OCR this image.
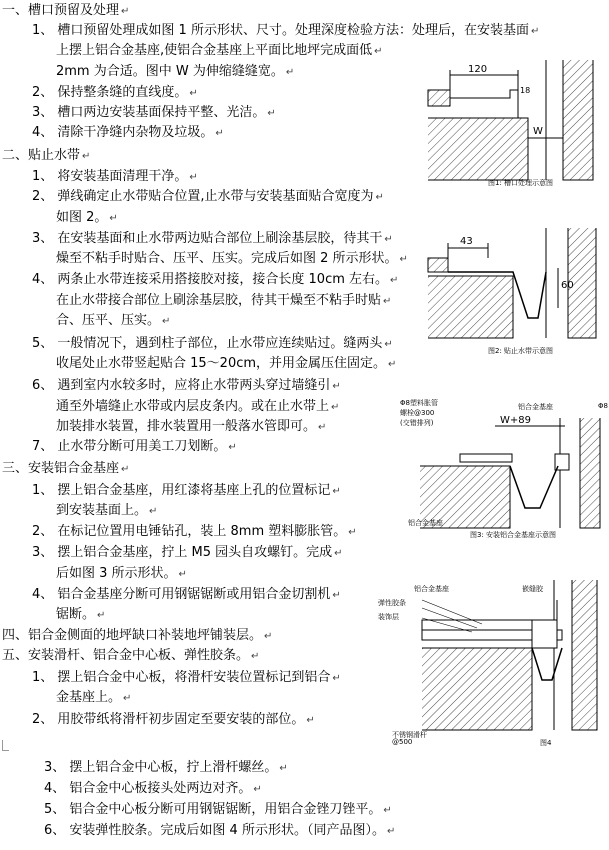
一、槽口预留及处理 ↵
1、 槽口预留处理成如图 1 所示形状、尺寸。处理深度检验方法：处理后，在安装基面 ↵
上摆上铝合金基座,使铝合金基座上平面比地坪完成面低 ↵
2mm 为合适。图中 W 为伸缩缝缝宽。 ↵
2、 保持整条缝的直线度。 ↵
3、 槽口两边安装基面保持平整、光洁。 ↵
4、 清除干净缝内杂物及垃圾。 ↵
二、贴止水带 ↵
1、 将安装基面清理干净。 ↵
2、 弹线确定止水带贴合位置,止水带与安装基面贴合宽度为 ↵
如图 2。 ↵
3、 在安装基面和止水带两边贴合部位上刷涂基层胶，待其干 ↵
燥至不粘手时贴合、压平、压实。完成后如图 2 所示形状。 ↵
4、 两条止水带连接采用搭接胶对接，接合长度 10cm 左右。 ↵
在止水带接合部位上刷涂基层胶，待其干燥至不粘手时贴 ↵
合、压平、压实。 ↵
5、 一般情况下，遇到柱子部位，止水带应连续贴过。缝两头 ↵
收尾处止水带竖起贴合 15～20cm，并用金属压住固定。 ↵
6、 遇到室内水较多时，应将止水带两头穿过墙缝引 ↵
通至外墙缝止水带或内层皮条内。或在止水带上 ↵
加装排水装置，排水装置用一般落水管即可。 ↵
7、 止水带分断可用美工刀划断。 ↵
三、安装铝合金基座 ↵
1、 摆上铝合金基座，用红漆将基座上孔的位置标记 ↵
到安装基面上。 ↵
2、 在标记位置用电锤钻孔，装上 8mm 塑料膨胀管。 ↵
3、 摆上铝合金基座，拧上 M5 园头自攻螺钉。完成 ↵
后如图 3 所示形状。 ↵
4、 铝合金基座分断可用钢锯锯断或用铝合金切割机 ↵
锯断。 ↵
四、铝合金侧面的地坪缺口补装地坪铺装层。 ↵
五、安装滑杆、铝合金中心板、弹性胶条。 ↵
1、 摆上铝合金中心板，将滑杆安装位置标记到铝合 ↵
金基座上。 ↵
2、 用胶带纸将滑杆初步固定至要安装的部位。 ↵
3、 摆上铝合金中心板，拧上滑杆螺丝。 ↵
4、 铝合金中心板接头处两边对齐。 ↵
5、 铝合金中心板分断可用钢锯锯断，用铝合金锉刀锉平。 ↵
6、 安装弹性胶条。完成后如图 4 所示形状。（同产品图）。 ↵
120
18
W
图1: 槽口处理示意图
43
60
图2: 贴止水带示意图
Φ8塑料胀管
螺栓@300
(交错排列)
铝合金基座	Φ8
W+89
铝合金基座
图3: 安装铝合金基座示意图
铝合金基座
弹性胶条
装饰层
嵌缝胶
不锈钢滑杆
@500	图4
